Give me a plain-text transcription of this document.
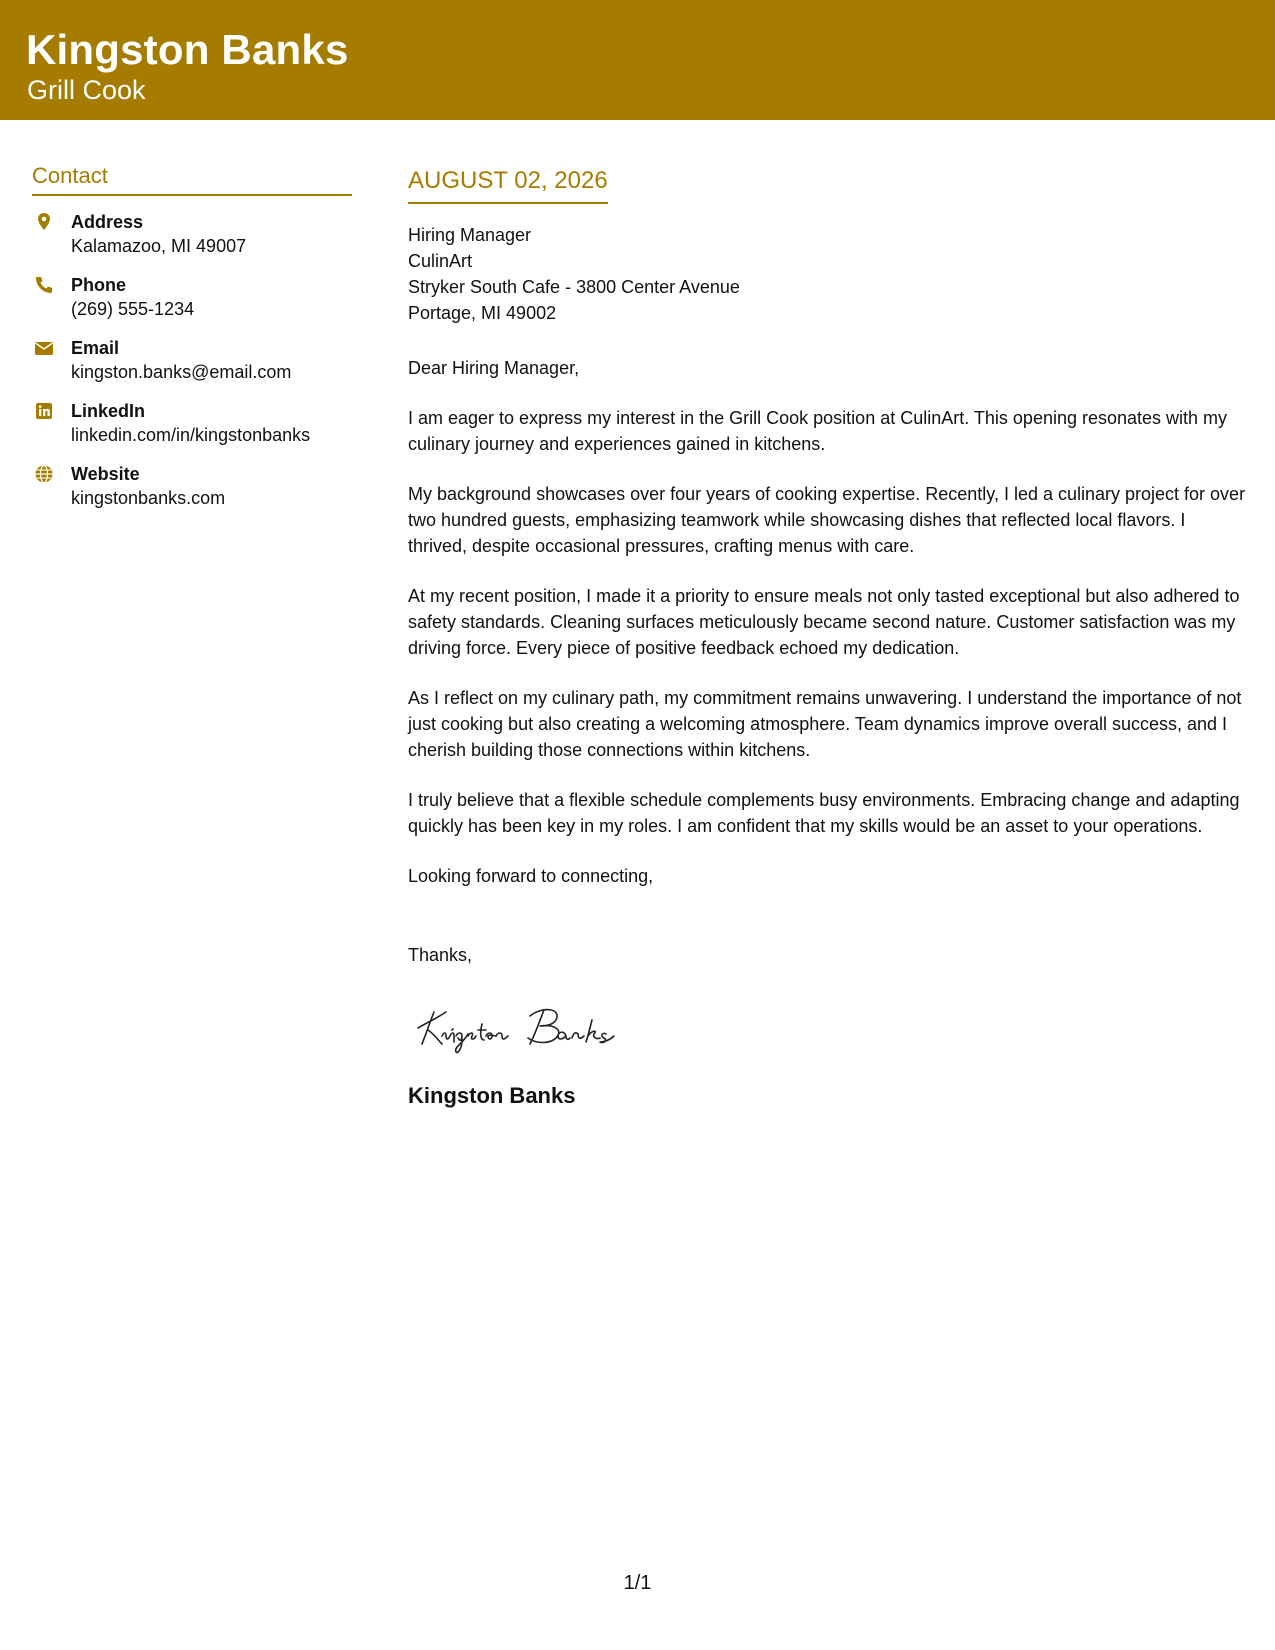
Kingston Banks
Grill Cook
Contact
Address
Kalamazoo, MI 49007
Phone
(269) 555-1234
Email
kingston.banks@email.com
LinkedIn
linkedin.com/in/kingstonbanks
Website
kingstonbanks.com
AUGUST 02, 2026
Hiring Manager
CulinArt
Stryker South Cafe - 3800 Center Avenue
Portage, MI 49002
Dear Hiring Manager,
I am eager to express my interest in the Grill Cook position at CulinArt. This opening resonates with my culinary journey and experiences gained in kitchens.
My background showcases over four years of cooking expertise. Recently, I led a culinary project for over two hundred guests, emphasizing teamwork while showcasing dishes that reflected local flavors. I thrived, despite occasional pressures, crafting menus with care.
At my recent position, I made it a priority to ensure meals not only tasted exceptional but also adhered to safety standards. Cleaning surfaces meticulously became second nature. Customer satisfaction was my driving force. Every piece of positive feedback echoed my dedication.
As I reflect on my culinary path, my commitment remains unwavering. I understand the importance of not just cooking but also creating a welcoming atmosphere. Team dynamics improve overall success, and I cherish building those connections within kitchens.
I truly believe that a flexible schedule complements busy environments. Embracing change and adapting quickly has been key in my roles. I am confident that my skills would be an asset to your operations.
Looking forward to connecting,
Thanks,
Kingston Banks
1/1
